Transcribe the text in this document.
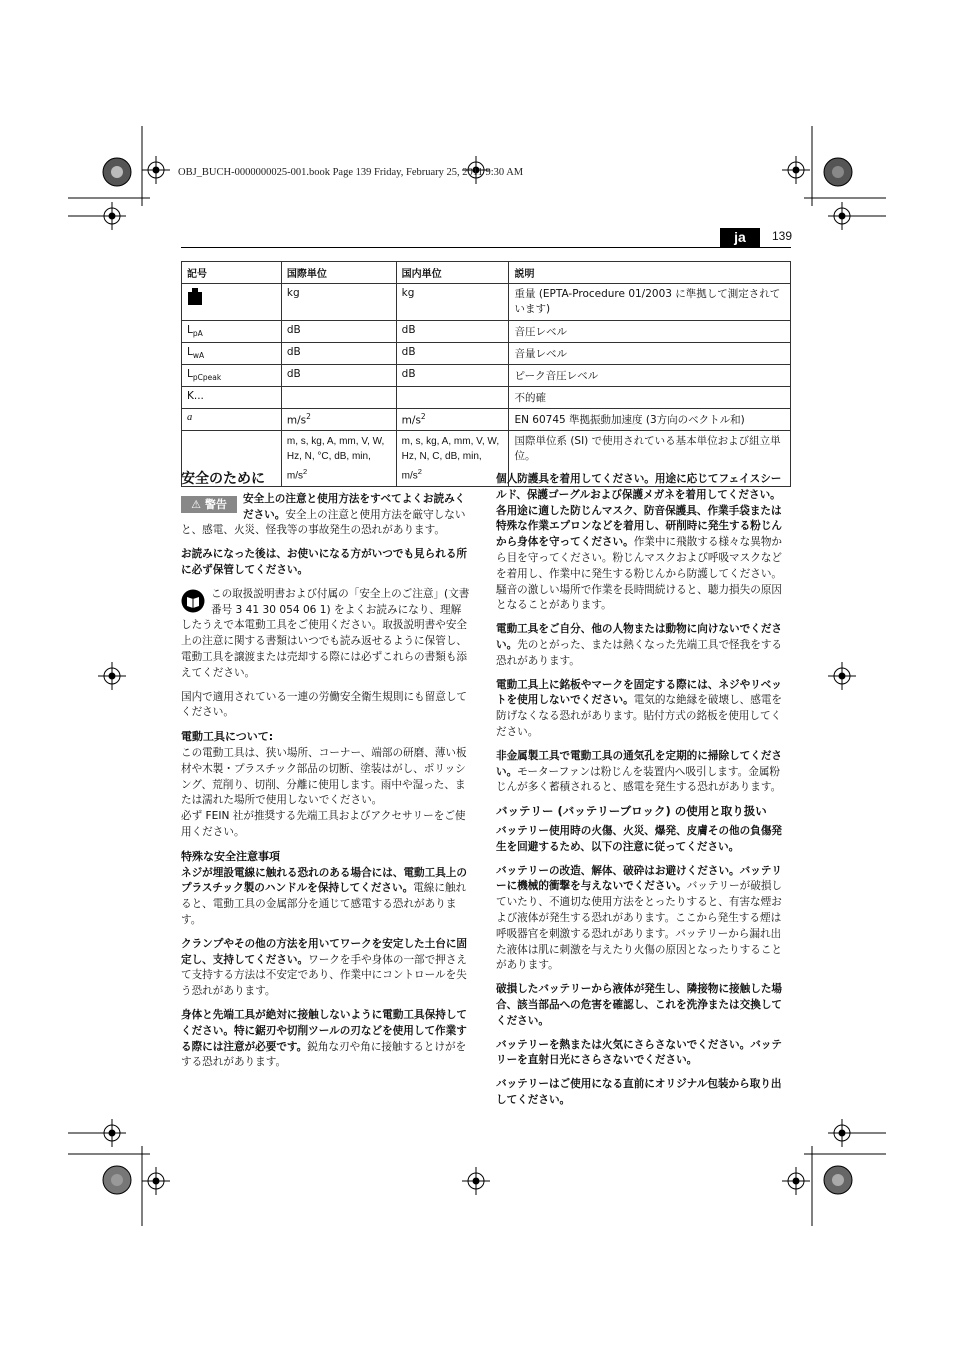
OBJ_BUCH-0000000025-001.book Page 139 Friday, February 25, 2011 9:30 AM
ja	139
記号	国際単位	国内単位	説明
	kg	kg	重量 (EPTA-Procedure 01/2003 に準拠して測定されています)
$L_{pA}$	dB	dB	音圧レベル
$L_{wA}$	dB	dB	音量レベル
$L_{pCpeak}$	dB	dB	ピーク音圧レベル
K...			不的確
a	$m/s^2$	$m/s^2$	EN 60745 準拠振動加速度 (3方向のベクトル和)
	m, s, kg, A, mm, V, W, Hz, N, °C, dB, min, $m/s^2$	m, s, kg, A, mm, V, W, Hz, N, C, dB, min, $m/s^2$	国際単位系 (SI) で使用されている基本単位および組立単位。
安全のために

⚠ 警告	安全上の注意と使用方法をすべてよくお読みください。安全上の注意と使用方法を厳守しないと、感電、火災、怪我等の事故発生の恐れがあります。

お読みになった後は、お使いになる方がいつでも見られる所に必ず保管してください。

この取扱説明書および付属の「安全上のご注意」(文書番号 3 41 30 054 06 1) をよくお読みになり、理解したうえで本電動工具をご使用ください。取扱説明書や安全上の注意に関する書類はいつでも読み返せるように保管し、電動工具を譲渡または売却する際には必ずこれらの書類も添えてください。

国内で適用されている一連の労働安全衛生規則にも留意してください。

電動工具について:

この電動工具は、狭い場所、コーナー、端部の研磨、薄い板材や木製・プラスチック部品の切断、塗装はがし、ポリッシング、荒削り、切削、分離に使用します。雨中や湿った、または濡れた場所で使用しないでください。

必ず FEIN 社が推奨する先端工具およびアクセサリーをご使用ください。

特殊な安全注意事項

ネジが埋設電線に触れる恐れのある場合には、電動工具上のプラスチック製のハンドルを保持してください。電線に触れると、電動工具の金属部分を通じて感電する恐れがあります。

クランプやその他の方法を用いてワークを安定した土台に固定し、支持してください。ワークを手や身体の一部で押さえて支持する方法は不安定であり、作業中にコントロールを失う恐れがあります。

身体と先端工具が絶対に接触しないように電動工具保持してください。特に鋸刃や切削ツールの刃などを使用して作業する際には注意が必要です。鋭角な刃や角に接触するとけがをする恐れがあります。

個人防護具を着用してください。用途に応じてフェイスシールド、保護ゴーグルおよび保護メガネを着用してください。各用途に適した防じんマスク、防音保護具、作業手袋または特殊な作業エプロンなどを着用し、研削時に発生する粉じんから身体を守ってください。作業中に飛散する様々な異物から目を守ってください。粉じんマスクおよび呼吸マスクなどを着用し、作業中に発生する粉じんから防護してください。騒音の激しい場所で作業を長時間続けると、聴力損失の原因となることがあります。

電動工具をご自分、他の人物または動物に向けないでください。先のとがった、または熱くなった先端工具で怪我をする恐れがあります。

電動工具上に銘板やマークを固定する際には、ネジやリベットを使用しないでください。電気的な絶縁を破壊し、感電を防げなくなる恐れがあります。貼付方式の銘板を使用してください。

非金属製工具で電動工具の通気孔を定期的に掃除してください。モーターファンは粉じんを装置内へ吸引します。金属粉じんが多く蓄積されると、感電を発生する恐れがあります。

バッテリー (バッテリーブロック) の使用と取り扱い

バッテリー使用時の火傷、火災、爆発、皮膚その他の負傷発生を回避するため、以下の注意に従ってください。

バッテリーの改造、解体、破砕はお避けください。バッテリーに機械的衝撃を与えないでください。バッテリーが破損していたり、不適切な使用方法をとったりすると、有害な煙および液体が発生する恐れがあります。ここから発生する煙は呼吸器官を刺激する恐れがあります。バッテリーから漏れ出た液体は肌に刺激を与えたり火傷の原因となったりすることがあります。

破損したバッテリーから液体が発生し、隣接物に接触した場合、該当部品への危害を確認し、これを洗浄または交換してください。

バッテリーを熱または火気にさらさないでください。バッテリーを直射日光にさらさないでください。

バッテリーはご使用になる直前にオリジナル包装から取り出してください。
